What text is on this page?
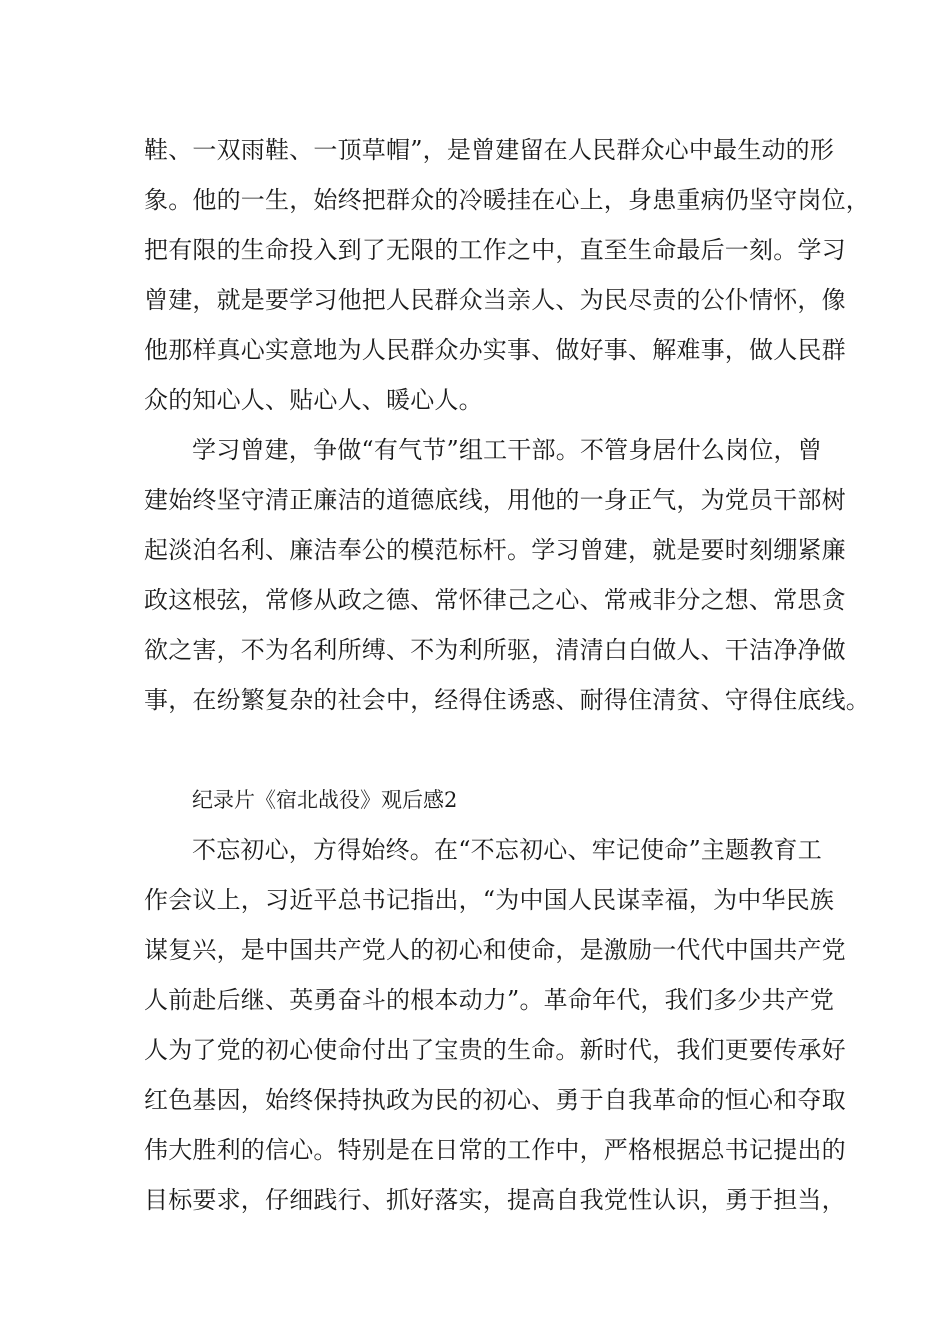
鞋、一双雨鞋、一顶草帽”，是曾建留在人民群众心中最生动的形
象。他的一生，始终把群众的冷暖挂在心上，身患重病仍坚守岗位，
把有限的生命投入到了无限的工作之中，直至生命最后一刻。学习
曾建，就是要学习他把人民群众当亲人、为民尽责的公仆情怀，像
他那样真心实意地为人民群众办实事、做好事、解难事，做人民群
众的知心人、贴心人、暖心人。
学习曾建，争做“有气节”组工干部。不管身居什么岗位，曾
建始终坚守清正廉洁的道德底线，用他的一身正气，为党员干部树
起淡泊名利、廉洁奉公的模范标杆。学习曾建，就是要时刻绷紧廉
政这根弦，常修从政之德、常怀律己之心、常戒非分之想、常思贪
欲之害，不为名利所缚、不为利所驱，清清白白做人、干洁净净做
事，在纷繁复杂的社会中，经得住诱惑、耐得住清贫、守得住底线。
纪录片《宿北战役》观后感2
不忘初心，方得始终。在“不忘初心、牢记使命”主题教育工
作会议上，习近平总书记指出，“为中国人民谋幸福，为中华民族
谋复兴，是中国共产党人的初心和使命，是激励一代代中国共产党
人前赴后继、英勇奋斗的根本动力”。革命年代，我们多少共产党
人为了党的初心使命付出了宝贵的生命。新时代，我们更要传承好
红色基因，始终保持执政为民的初心、勇于自我革命的恒心和夺取
伟大胜利的信心。特别是在日常的工作中，严格根据总书记提出的
目标要求，仔细践行、抓好落实，提高自我党性认识，勇于担当，
